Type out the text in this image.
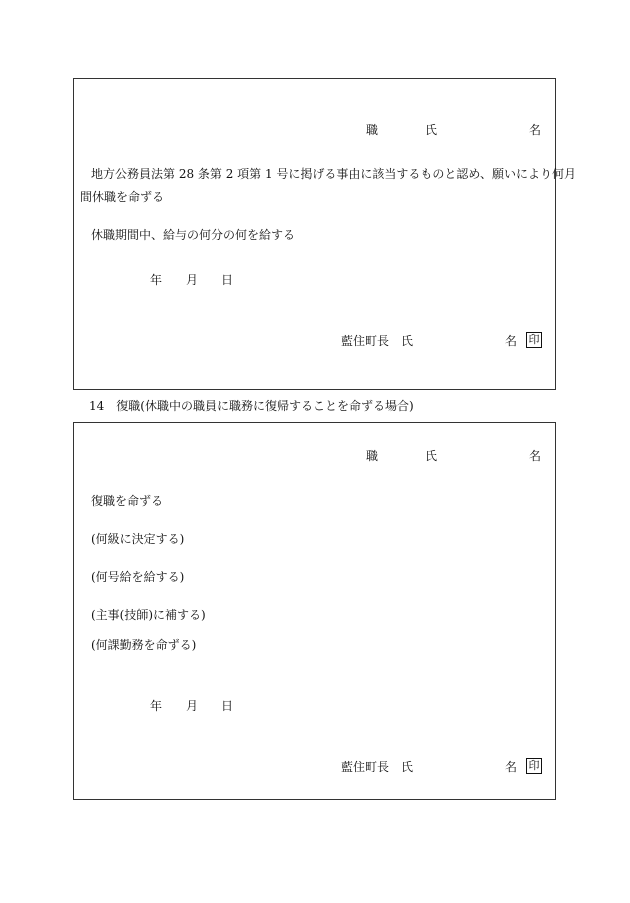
職	氏	名
地方公務員法第 28 条第 2 項第 1 号に掲げる事由に該当するものと認め、願いにより何月
間休職を命ずる
休職期間中、給与の何分の何を給する
年 月 日
藍住町長　氏	名 印
14　復職(休職中の職員に職務に復帰することを命ずる場合)
職	氏	名
復職を命ずる
(何級に決定する)
(何号給を給する)
(主事(技師)に補する)
(何課勤務を命ずる)
年 月 日
藍住町長　氏	名 印
